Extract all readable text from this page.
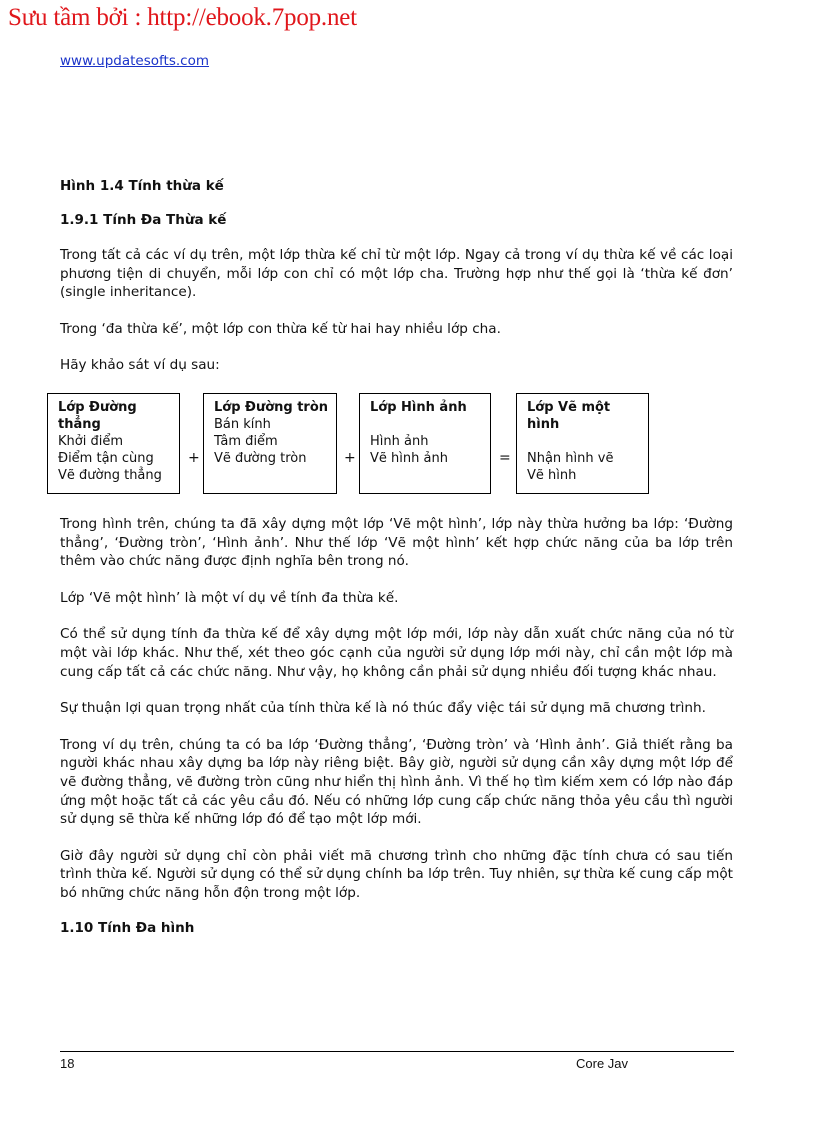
Sưu tầm bởi : http://ebook.7pop.net
www.updatesofts.com

Hình 1.4 Tính thừa kế

1.9.1 Tính Đa Thừa kế

Trong tất cả các ví dụ trên, một lớp thừa kế chỉ từ một lớp. Ngay cả trong ví dụ thừa kế về các loại phương tiện di chuyển, mỗi lớp con chỉ có một lớp cha. Trường hợp như thế gọi là ‘thừa kế đơn’ (single inheritance).

Trong ‘đa thừa kế’, một lớp con thừa kế từ hai hay nhiều lớp cha.

Hãy khảo sát ví dụ sau:

Lớp Đường thẳng
Khởi điểm
Điểm tận cùng
Vẽ đường thẳng
+
Lớp Đường tròn
Bán kính
Tâm điểm
Vẽ đường tròn	+
Lớp Hình ảnh
Hình ảnh
Vẽ hình ảnh	=
Lớp Vẽ một hình
Nhận hình vẽ
Vẽ hình

Trong hình trên, chúng ta đã xây dựng một lớp ‘Vẽ một hình’, lớp này thừa hưởng ba lớp: ‘Đường thẳng’, ‘Đường tròn’, ‘Hình ảnh’. Như thế lớp ‘Vẽ một hình’ kết hợp chức năng của ba lớp trên thêm vào chức năng được định nghĩa bên trong nó.

Lớp ‘Vẽ một hình’ là một ví dụ về tính đa thừa kế.

Có thể sử dụng tính đa thừa kế để xây dựng một lớp mới, lớp này dẫn xuất chức năng của nó từ một vài lớp khác. Như thế, xét theo góc cạnh của người sử dụng lớp mới này, chỉ cần một lớp mà cung cấp tất cả các chức năng. Như vậy, họ không cần phải sử dụng nhiều đối tượng khác nhau.

Sự thuận lợi quan trọng nhất của tính thừa kế là nó thúc đẩy việc tái sử dụng mã chương trình.

Trong ví dụ trên, chúng ta có ba lớp ‘Đường thẳng’, ‘Đường tròn’ và ‘Hình ảnh’. Giả thiết rằng ba người khác nhau xây dựng ba lớp này riêng biệt. Bây giờ, người sử dụng cần xây dựng một lớp để vẽ đường thẳng, vẽ đường tròn cũng như hiển thị hình ảnh. Vì thế họ tìm kiếm xem có lớp nào đáp ứng một hoặc tất cả các yêu cầu đó. Nếu có những lớp cung cấp chức năng thỏa yêu cầu thì người sử dụng sẽ thừa kế những lớp đó để tạo một lớp mới.

Giờ đây người sử dụng chỉ còn phải viết mã chương trình cho những đặc tính chưa có sau tiến trình thừa kế. Người sử dụng có thể sử dụng chính ba lớp trên. Tuy nhiên, sự thừa kế cung cấp một bó những chức năng hỗn độn trong một lớp.

1.10 Tính Đa hình

18	Core Jav
